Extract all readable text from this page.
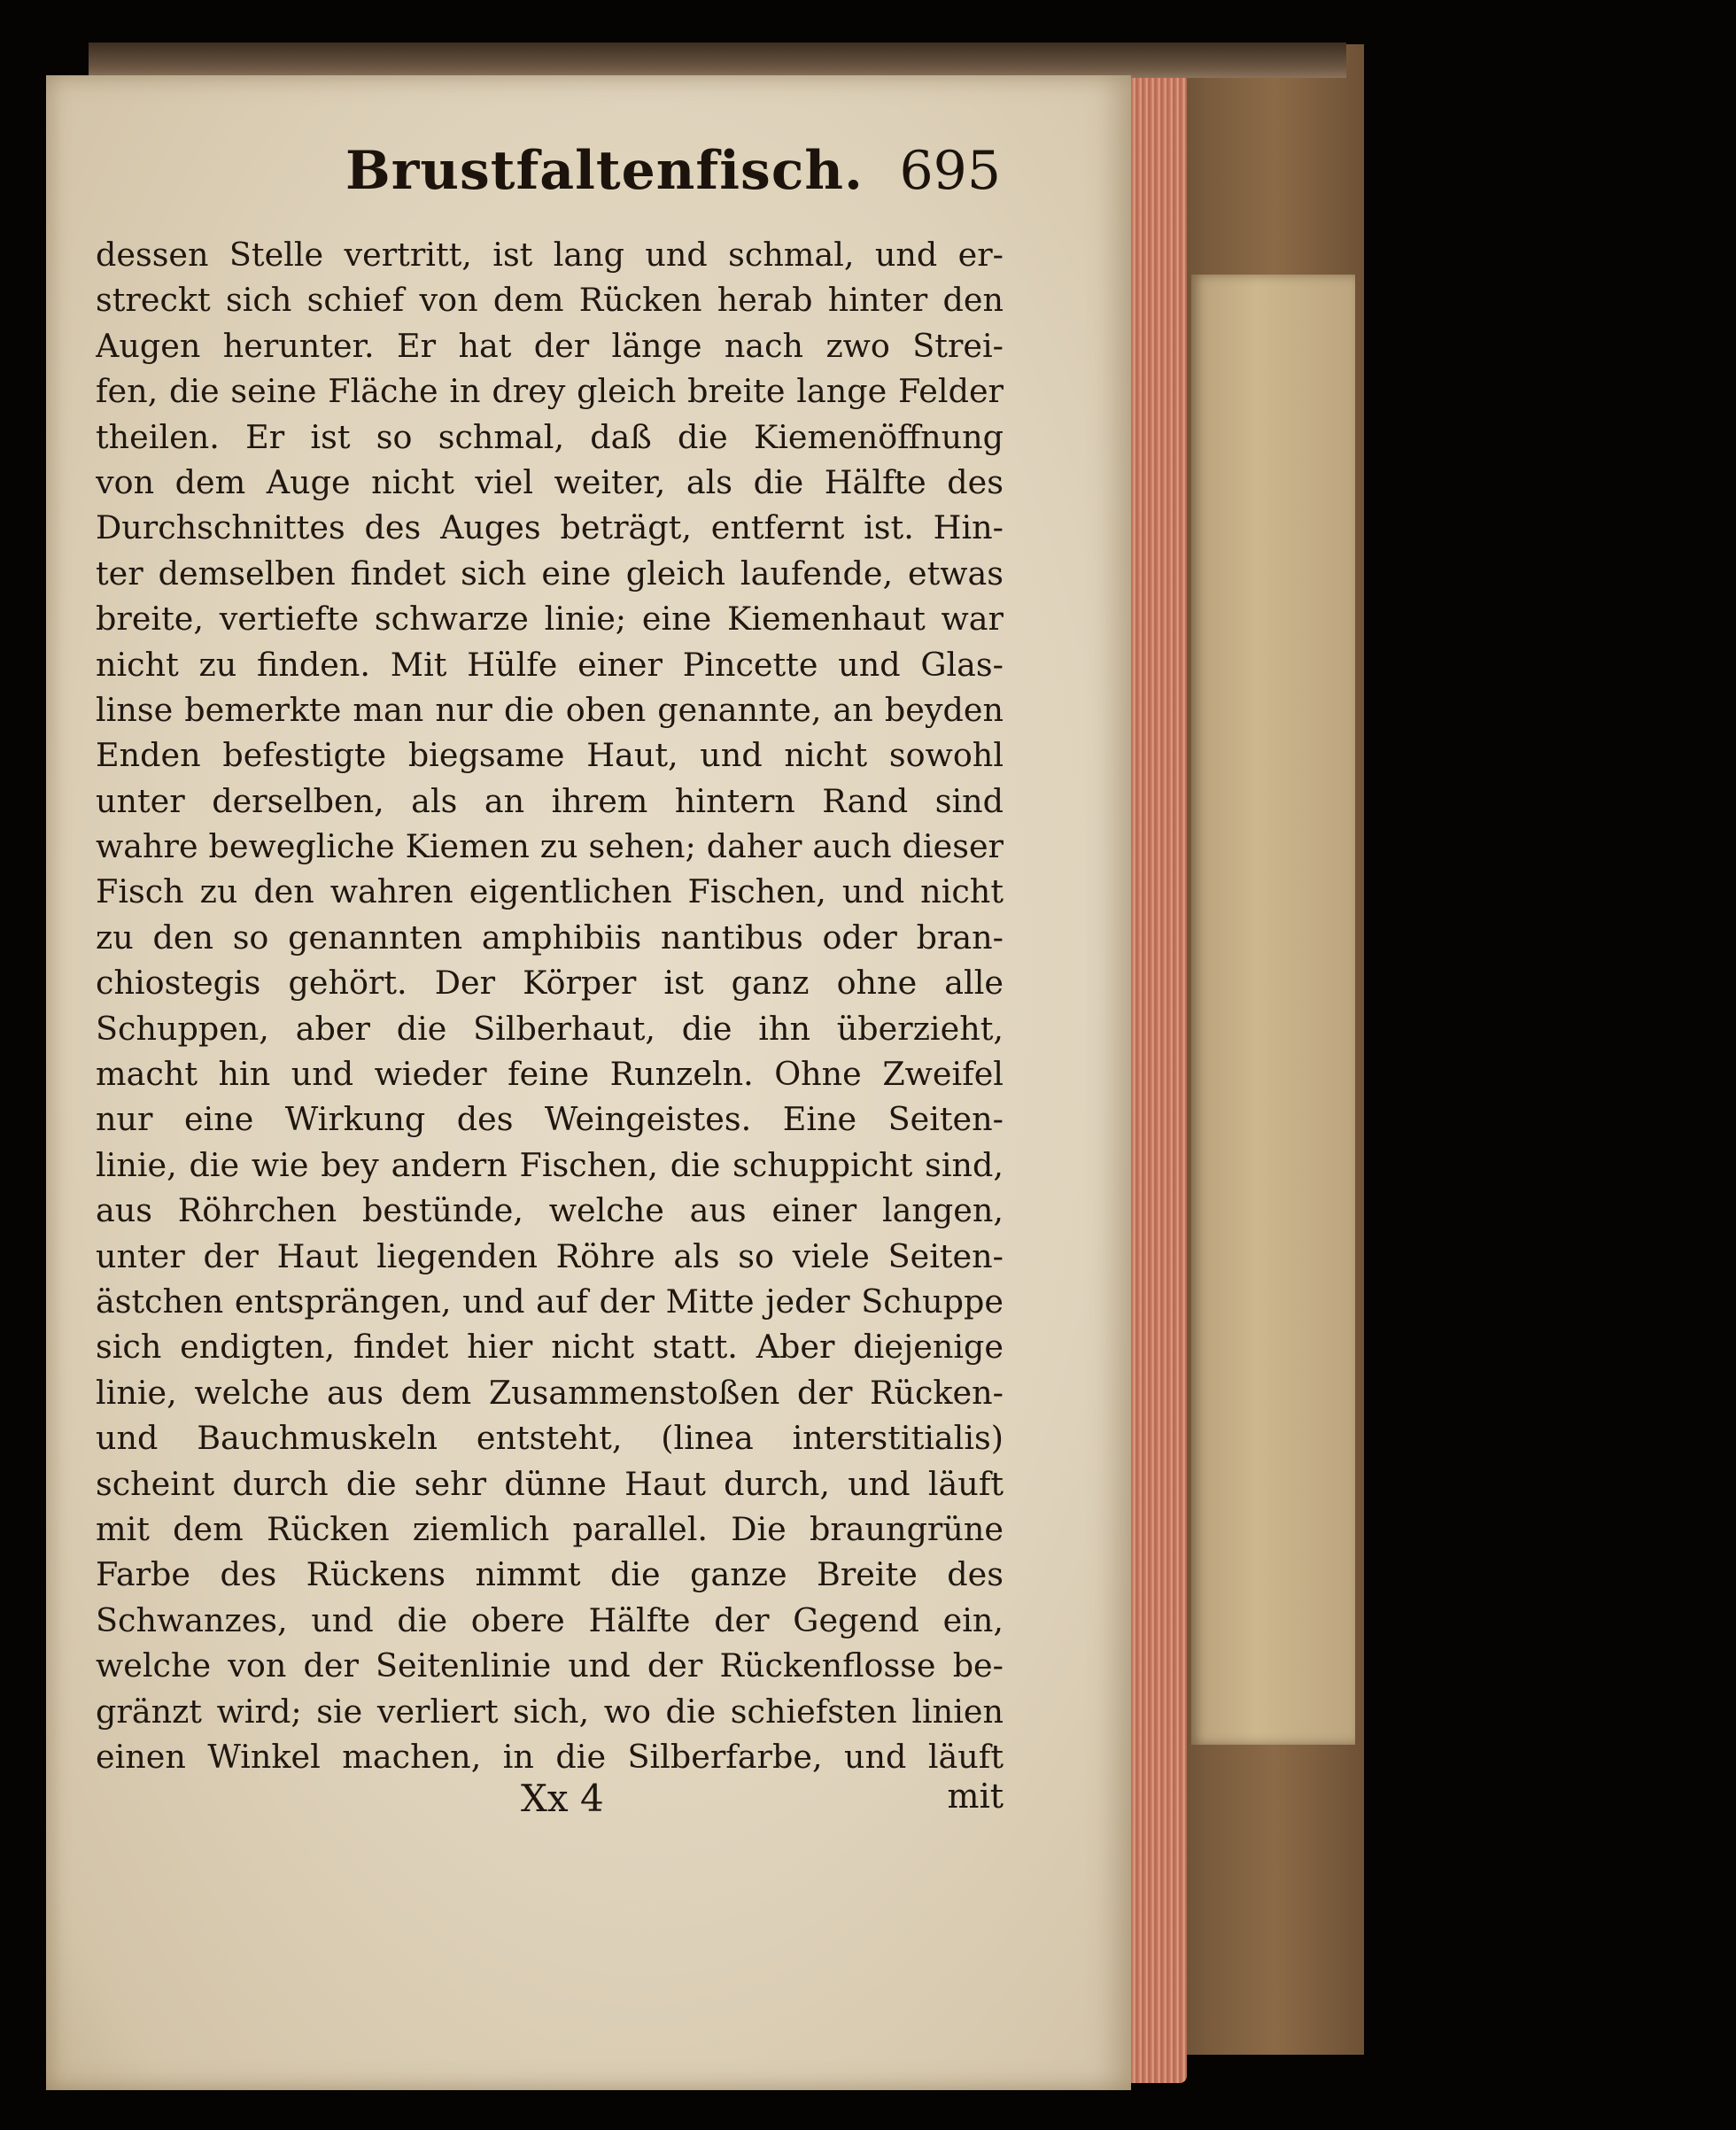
Brustfaltenfisch. 695
dessen Stelle vertritt, ist lang und schmal, und er-
streckt sich schief von dem Rücken herab hinter den
Augen herunter. Er hat der länge nach zwo Strei-
fen, die seine Fläche in drey gleich breite lange Felder
theilen. Er ist so schmal, daß die Kiemenöffnung
von dem Auge nicht viel weiter, als die Hälfte des
Durchschnittes des Auges beträgt, entfernt ist. Hin-
ter demselben findet sich eine gleich laufende, etwas
breite, vertiefte schwarze linie; eine Kiemenhaut war
nicht zu finden. Mit Hülfe einer Pincette und Glas-
linse bemerkte man nur die oben genannte, an beyden
Enden befestigte biegsame Haut, und nicht sowohl
unter derselben, als an ihrem hintern Rand sind
wahre bewegliche Kiemen zu sehen; daher auch dieser
Fisch zu den wahren eigentlichen Fischen, und nicht
zu den so genannten amphibiis nantibus oder bran-
chiostegis gehört. Der Körper ist ganz ohne alle
Schuppen, aber die Silberhaut, die ihn überzieht,
macht hin und wieder feine Runzeln. Ohne Zweifel
nur eine Wirkung des Weingeistes. Eine Seiten-
linie, die wie bey andern Fischen, die schuppicht sind,
aus Röhrchen bestünde, welche aus einer langen,
unter der Haut liegenden Röhre als so viele Seiten-
ästchen entsprängen, und auf der Mitte jeder Schuppe
sich endigten, findet hier nicht statt. Aber diejenige
linie, welche aus dem Zusammenstoßen der Rücken-
und Bauchmuskeln entsteht, (linea interstitialis)
scheint durch die sehr dünne Haut durch, und läuft
mit dem Rücken ziemlich parallel. Die braungrüne
Farbe des Rückens nimmt die ganze Breite des
Schwanzes, und die obere Hälfte der Gegend ein,
welche von der Seitenlinie und der Rückenflosse be-
gränzt wird; sie verliert sich, wo die schiefsten linien
einen Winkel machen, in die Silberfarbe, und läuft
Xx 4	mit
